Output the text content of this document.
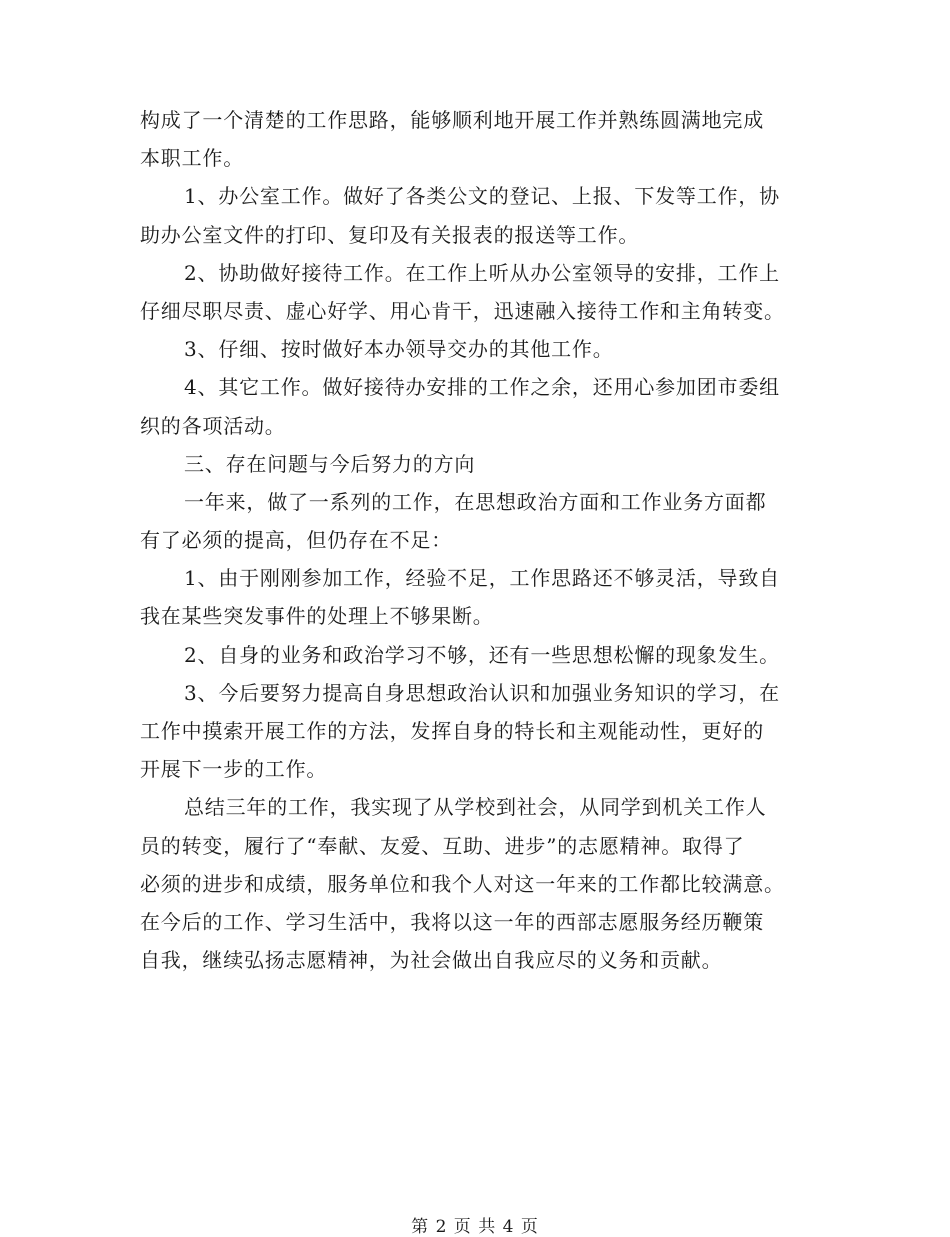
构成了一个清楚的工作思路，能够顺利地开展工作并熟练圆满地完成
本职工作。
1、办公室工作。做好了各类公文的登记、上报、下发等工作，协
助办公室文件的打印、复印及有关报表的报送等工作。
2、协助做好接待工作。在工作上听从办公室领导的安排，工作上
仔细尽职尽责、虚心好学、用心肯干，迅速融入接待工作和主角转变。
3、仔细、按时做好本办领导交办的其他工作。
4、其它工作。做好接待办安排的工作之余，还用心参加团市委组
织的各项活动。
三、存在问题与今后努力的方向
一年来，做了一系列的工作，在思想政治方面和工作业务方面都
有了必须的提高，但仍存在不足：
1、由于刚刚参加工作，经验不足，工作思路还不够灵活，导致自
我在某些突发事件的处理上不够果断。
2、自身的业务和政治学习不够，还有一些思想松懈的现象发生。
3、今后要努力提高自身思想政治认识和加强业务知识的学习，在
工作中摸索开展工作的方法，发挥自身的特长和主观能动性，更好的
开展下一步的工作。
总结三年的工作，我实现了从学校到社会，从同学到机关工作人
员的转变，履行了“奉献、友爱、互助、进步”的志愿精神。取得了
必须的进步和成绩，服务单位和我个人对这一年来的工作都比较满意。
在今后的工作、学习生活中，我将以这一年的西部志愿服务经历鞭策
自我，继续弘扬志愿精神，为社会做出自我应尽的义务和贡献。
第 2 页 共 4 页
